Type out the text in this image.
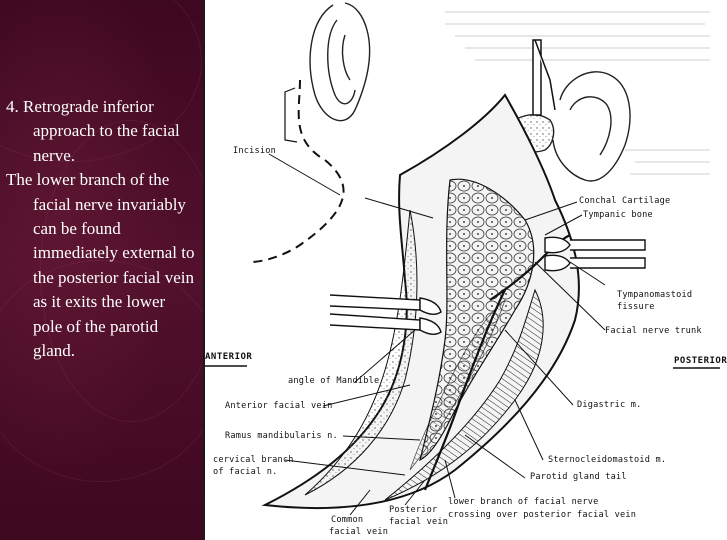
4. Retrograde inferior approach to the facial nerve.

The lower branch of the facial nerve invariably can be found immediately external to the posterior facial vein as it exits the lower pole of the parotid gland.

Incision
Conchal Cartilage
Tympanic bone
Tympanomastoid
fissure
Facial nerve trunk
ANTERIOR	POSTERIOR
angle of Mandible
Anterior facial vein	Digastric m.
Ramus mandibularis n.
cervical branch
of facial n.
Sternocleidomastoid m.
Parotid gland tail
lower branch of facial nerve
crossing over posterior facial vein
Posterior
facial vein
Common
facial vein
